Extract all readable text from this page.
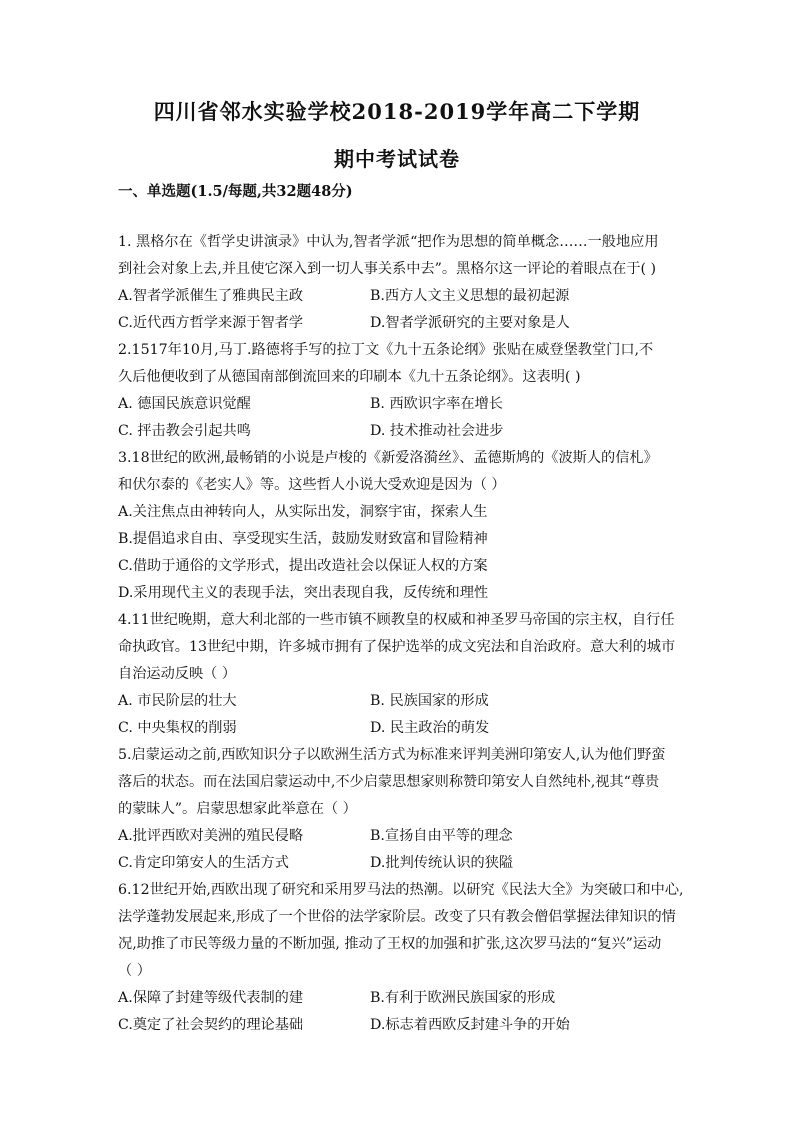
四川省邻水实验学校2018-2019学年高二下学期
期中考试试卷
一、单选题(1.5/每题,共32题48分)
1. 黑格尔在《哲学史讲演录》中认为,智者学派“把作为思想的简单概念……一般地应用
到社会对象上去,并且使它深入到一切人事关系中去”。黑格尔这一评论的着眼点在于( )
A.智者学派催生了雅典民主政	B.西方人文主义思想的最初起源
C.近代西方哲学来源于智者学	D.智者学派研究的主要对象是人
2.1517年10月,马丁.路德将手写的拉丁文《九十五条论纲》张贴在威登堡教堂门口,不
久后他便收到了从德国南部倒流回来的印刷本《九十五条论纲》。这表明( )
A. 德国民族意识觉醒	B. 西欧识字率在增长
C. 抨击教会引起共鸣	D. 技术推动社会进步
3.18世纪的欧洲,最畅销的小说是卢梭的《新爱洛漪丝》、孟德斯鸠的《波斯人的信札》
和伏尔泰的《老实人》等。这些哲人小说大受欢迎是因为（ ）
A.关注焦点由神转向人，从实际出发，洞察宇宙，探索人生
B.提倡追求自由、享受现实生活，鼓励发财致富和冒险精神
C.借助于通俗的文学形式，提出改造社会以保证人权的方案
D.采用现代主义的表现手法，突出表现自我，反传统和理性
4.11世纪晚期，意大利北部的一些市镇不顾教皇的权威和神圣罗马帝国的宗主权，自行任
命执政官。13世纪中期，许多城市拥有了保护选举的成文宪法和自治政府。意大利的城市
自治运动反映（ ）
A. 市民阶层的壮大	B. 民族国家的形成
C. 中央集权的削弱	D. 民主政治的萌发
5.启蒙运动之前,西欧知识分子以欧洲生活方式为标准来评判美洲印第安人,认为他们野蛮
落后的状态。而在法国启蒙运动中,不少启蒙思想家则称赞印第安人自然纯朴,视其“尊贵
的蒙昧人”。启蒙思想家此举意在（ ）
A.批评西欧对美洲的殖民侵略	B.宣扬自由平等的理念
C.肯定印第安人的生活方式	D.批判传统认识的狭隘
6.12世纪开始,西欧出现了研究和采用罗马法的热潮。以研究《民法大全》为突破口和中心,
法学蓬勃发展起来,形成了一个世俗的法学家阶层。改变了只有教会僧侣掌握法律知识的情
况,助推了市民等级力量的不断加强, 推动了王权的加强和扩张,这次罗马法的“复兴”运动
（ ）
A.保障了封建等级代表制的建	B.有利于欧洲民族国家的形成
C.奠定了社会契约的理论基础	D.标志着西欧反封建斗争的开始
